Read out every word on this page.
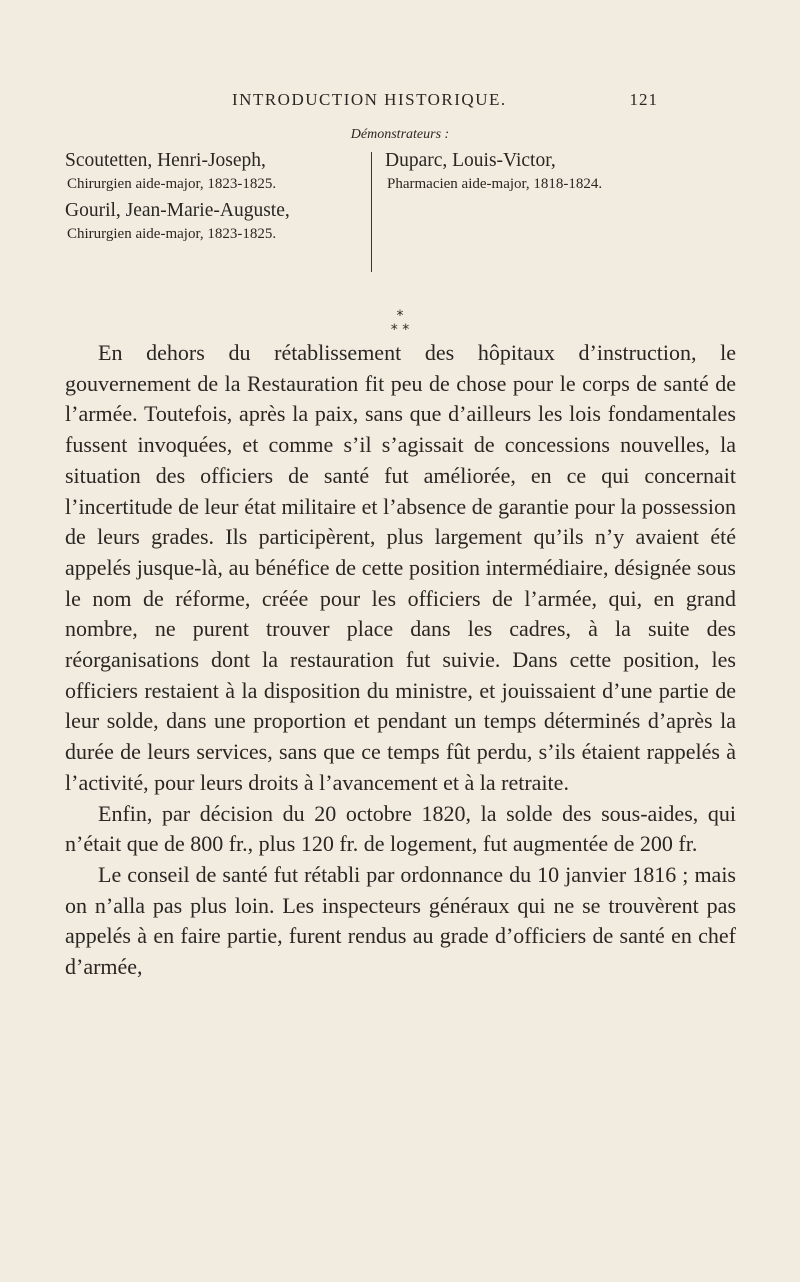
INTRODUCTION HISTORIQUE.	121
Démonstrateurs :
Scoutetten, Henri-Joseph,
Chirurgien aide-major, 1823-1825.
Gouril, Jean-Marie-Auguste,
Chirurgien aide-major, 1823-1825.
Duparc, Louis-Victor,
Pharmacien aide-major, 1818-1824.
*
* *

En dehors du rétablissement des hôpitaux d’instruction, le gouvernement de la Restauration fit peu de chose pour le corps de santé de l’armée. Toutefois, après la paix, sans que d’ailleurs les lois fondamentales fussent invoquées, et comme s’il s’agissait de concessions nouvelles, la situation des officiers de santé fut améliorée, en ce qui concernait l’incertitude de leur état militaire et l’absence de garantie pour la possession de leurs grades. Ils participèrent, plus largement qu’ils n’y avaient été appelés jusque-là, au bénéfice de cette position intermédiaire, désignée sous le nom de réforme, créée pour les officiers de l’armée, qui, en grand nombre, ne purent trouver place dans les cadres, à la suite des réorganisations dont la restauration fut suivie. Dans cette position, les officiers restaient à la disposition du ministre, et jouissaient d’une partie de leur solde, dans une proportion et pendant un temps déterminés d’après la durée de leurs services, sans que ce temps fût perdu, s’ils étaient rappelés à l’activité, pour leurs droits à l’avancement et à la retraite.

Enfin, par décision du 20 octobre 1820, la solde des sous-aides, qui n’était que de 800 fr., plus 120 fr. de logement, fut augmentée de 200 fr.

Le conseil de santé fut rétabli par ordonnance du 10 janvier 1816 ; mais on n’alla pas plus loin. Les inspecteurs généraux qui ne se trouvèrent pas appelés à en faire partie, furent rendus au grade d’officiers de santé en chef d’armée,
